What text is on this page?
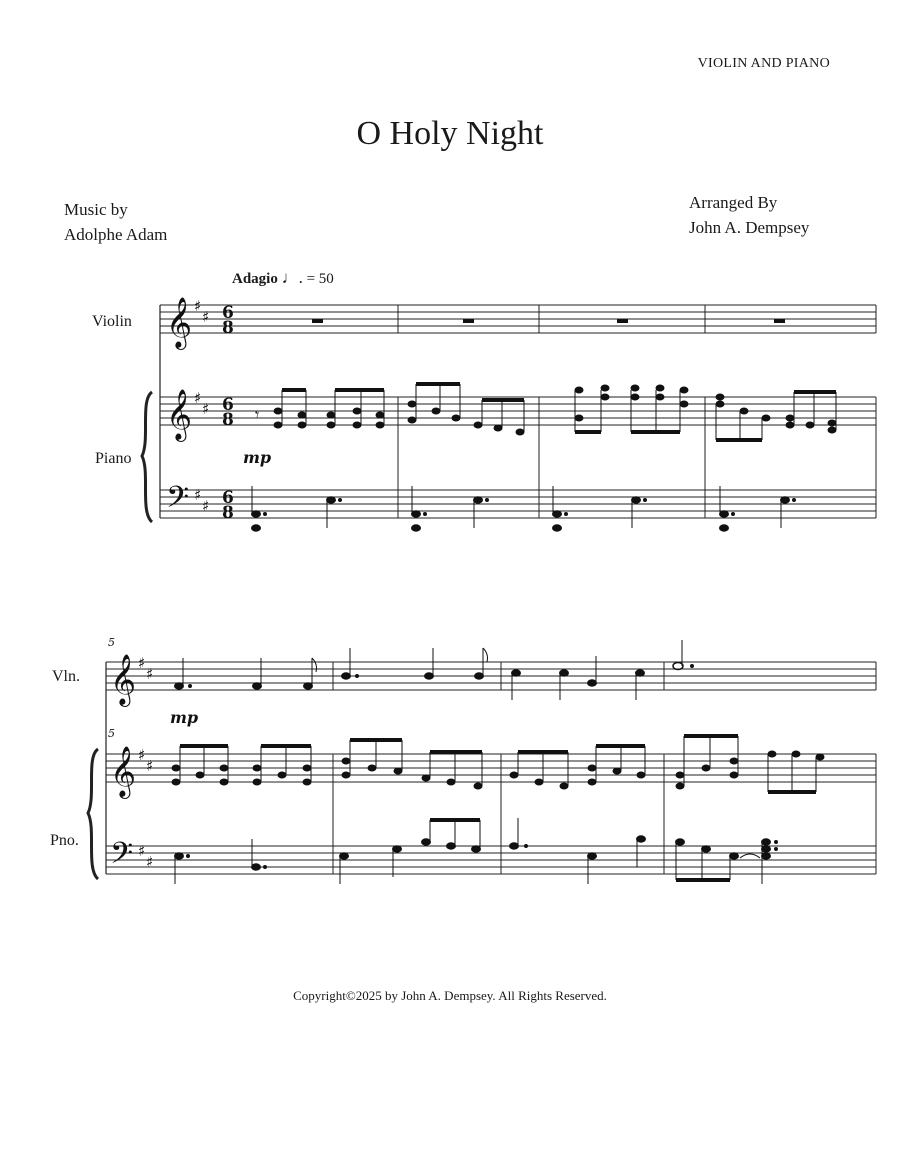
VIOLIN AND PIANO
O Holy Night
Music by
Adolphe Adam
Arranged By
John A. Dempsey
Adagio ♩. = 50
Violin
Piano
Vln.
Pno.
𝄞
𝄞
𝄢
♯
♯
♯
♯
♯
♯
6
8
6
8
6
8
𝄾
mp
𝄞
𝄞
𝄢
♯
♯
♯
♯
♯
♯
5
5
mp
Copyright©2025 by John A. Dempsey. All Rights Reserved.
